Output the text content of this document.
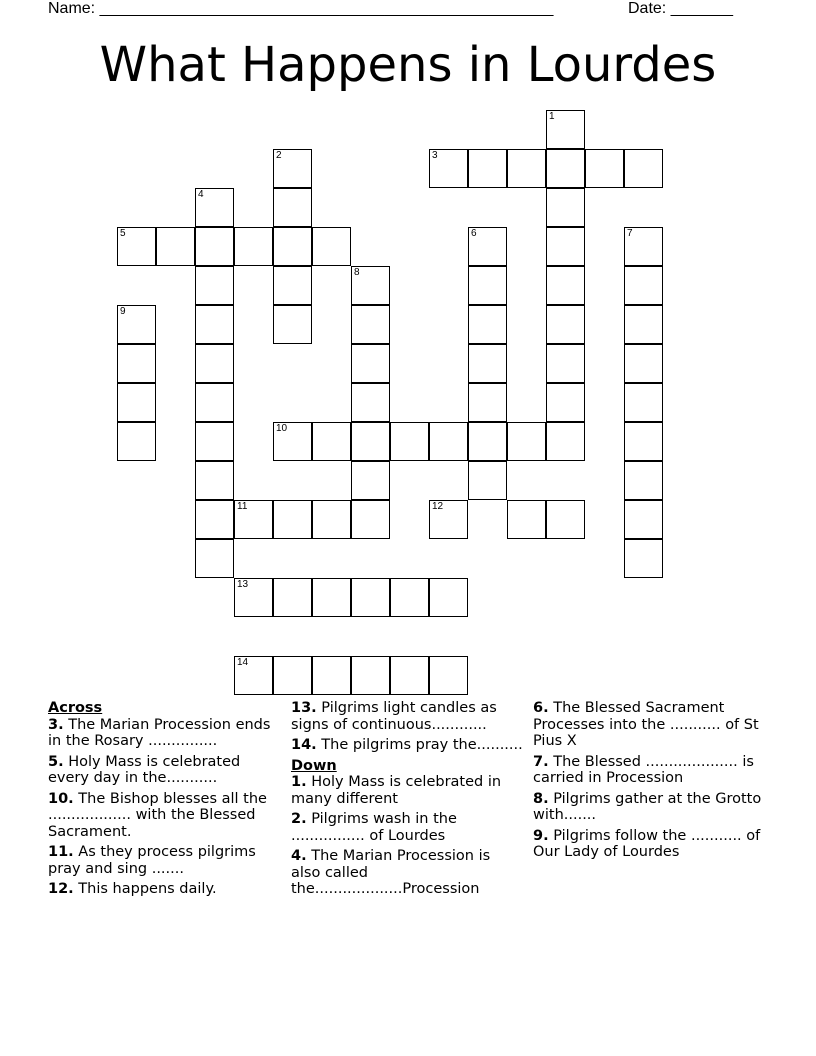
Name: ___________________________________________________	Date: _______
What Happens in Lourdes
1
3
2
4
5	6	7
8
9
10
11	12
13
14
Across
3. The Marian Procession ends in the Rosary ...............
5. Holy Mass is celebrated every day in the...........
10. The Bishop blesses all the .................. with the Blessed Sacrament.
11. As they process pilgrims pray and sing .......
12. This happens daily.
13. Pilgrims light candles as signs of continuous............
14. The pilgrims pray the..........
Down
1. Holy Mass is celebrated in many different
2. Pilgrims wash in the ................ of Lourdes
4. The Marian Procession is also called the...................Procession
6. The Blessed Sacrament Processes into the ........... of St Pius X
7. The Blessed .................... is carried in Procession
8. Pilgrims gather at the Grotto with.......
9. Pilgrims follow the ........... of Our Lady of Lourdes
